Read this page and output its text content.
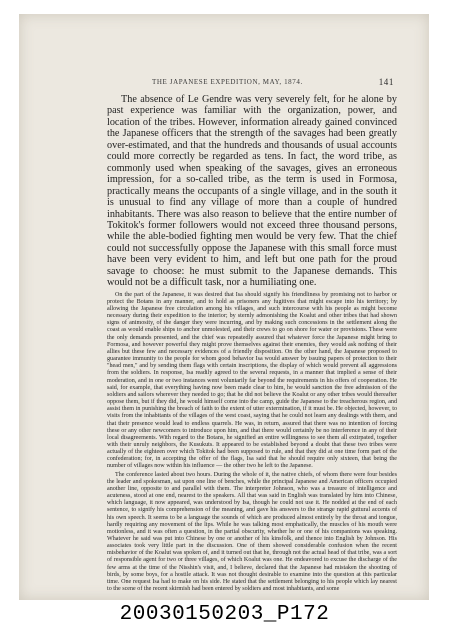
THE JAPANESE EXPEDITION, MAY, 1874.	141

The absence of Le Gendre was very severely felt, for he alone by past experience was familiar with the organization, power, and location of the tribes. However, information already gained convinced the Japanese officers that the strength of the savages had been greatly over-estimated, and that the hundreds and thousands of usual accounts could more correctly be regarded as tens. In fact, the word tribe, as commonly used when speaking of the savages, gives an erroneous impression, for a so-called tribe, as the term is used in Formosa, practically means the occupants of a single village, and in the south it is unusual to find any village of more than a couple of hundred inhabitants. There was also reason to believe that the entire number of Tokitok's former followers would not exceed three thousand persons, while the able-bodied fighting men would be very few. That the chief could not successfully oppose the Japanese with this small force must have been very evident to him, and left but one path for the proud savage to choose: he must submit to the Japanese demands. This would not be a difficult task, nor a humiliating one.

On the part of the Japanese, it was desired that Isa should signify his friendliness by promising not to harbor or protect the Botans in any manner, and to hold as prisoners any fugitives that might escape into his territory; by allowing the Japanese free circulation among his villages, and such intercourse with his people as might become necessary during their expedition to the interior; by sternly admonishing the Koalut and other tribes that had shown signs of animosity, of the danger they were incurring, and by making such concessions in the settlement along the coast as would enable ships to anchor unmolested, and their crews to go on shore for water or provisions. These were the only demands presented, and the chief was repeatedly assured that whatever force the Japanese might bring to Formosa, and however powerful they might prove themselves against their enemies, they would ask nothing of their allies but these few and necessary evidences of a friendly disposition. On the other hand, the Japanese proposed to guarantee immunity to the people for whom good behavior Isa would answer by issuing papers of protection to their "head men," and by sending them flags with certain inscriptions, the display of which would prevent all aggressions from the soldiers. In response, Isa readily agreed to the several requests, in a manner that implied a sense of their moderation, and in one or two instances went voluntarily far beyond the requirements in his offers of cooperation. He said, for example, that everything having now been made clear to him, he would sanction the free admission of the soldiers and sailors wherever they needed to go; that he did not believe the Koalut or any other tribes would thereafter oppose them, but if they did, he would himself come into the camp, guide the Japanese to the treacherous region, and assist them in punishing the breach of faith to the extent of utter extermination, if it must be. He objected, however, to visits from the inhabitants of the villages of the west coast, saying that he could not learn any dealings with them, and that their presence would lead to endless quarrels. He was, in return, assured that there was no intention of forcing these or any other newcomers to introduce upon him, and that there would certainly be no interference in any of their local disagreements. With regard to the Botans, he signified an entire willingness to see them all extirpated, together with their unruly neighbors, the Kusukuts. It appeared to be established beyond a doubt that these two tribes were actually of the eighteen over which Tokitok had been supposed to rule, and that they did at one time form part of the confederation; for, in accepting the offer of the flags, Isa said that he should require only sixteen, that being the number of villages now within his influence — the other two he left to the Japanese.

The conference lasted about two hours. During the whole of it, the native chiefs, of whom there were four besides the leader and spokesman, sat upon one line of benches, while the principal Japanese and American officers occupied another line, opposite to and parallel with them. The interpreter Johnson, who was a treasure of intelligence and acuteness, stood at one end, nearest to the speakers. All that was said in English was translated by him into Chinese, which language, it now appeared, was understood by Isa, though he could not use it. He nodded at the end of each sentence, to signify his comprehension of the meaning, and gave his answers to the strange rapid guttural accents of his own speech. It seems to be a language the sounds of which are produced almost entirely by the throat and tongue, hardly requiring any movement of the lips. While he was talking most emphatically, the muscles of his mouth were motionless, and it was often a question, in the partial obscurity, whether he or one of his companions was speaking. Whatever he said was put into Chinese by one or another of his kinsfolk, and thence into English by Johnson. His associates took very little part in the discussion. One of them showed considerable confusion when the recent misbehavior of the Koalut was spoken of, and it turned out that he, through not the actual head of that tribe, was a sort of responsible agent for two or three villages, of which Koalut was one. He endeavored to excuse the discharge of the few arms at the time of the Nisshin's visit, and, I believe, declared that the Japanese had mistaken the shooting of birds, by some boys, for a hostile attack. It was not thought desirable to examine into the question at this particular time. One request Isa had to make on his side. He stated that the settlement belonging to his people which lay nearest to the scene of the recent skirmish had been entered by soldiers and most inhabitants, and some

20030150203_P172
